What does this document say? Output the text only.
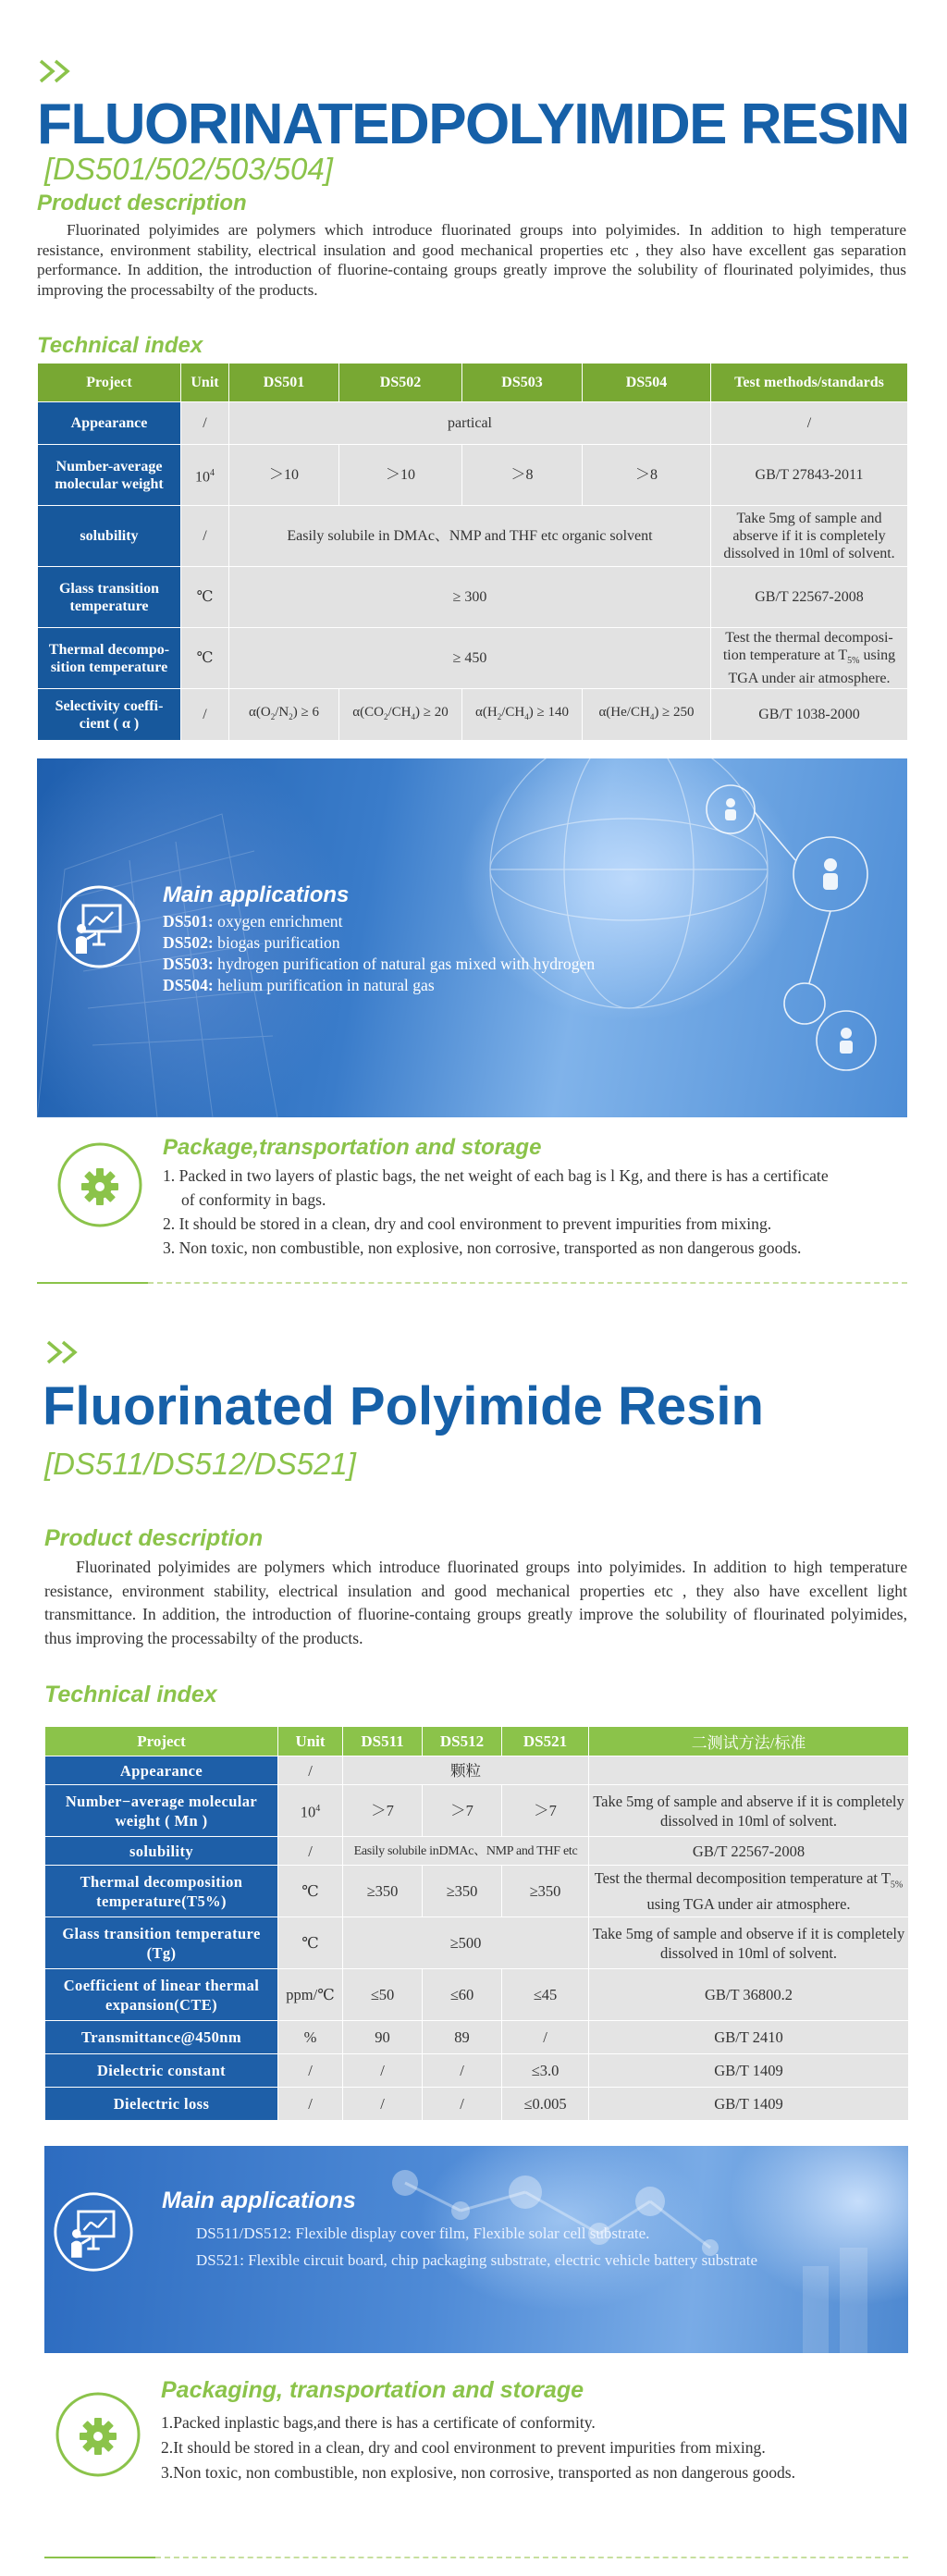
FLUORINATEDPOLYIMIDE RESIN
[DS501/502/503/504]
Product description
Fluorinated polyimides are polymers which introduce fluorinated groups into polyimides. In addition to high temperature resistance, environment stability, electrical insulation and good mechanical properties etc , they also have excellent gas separation performance. In addition, the introduction of fluorine-containg groups greatly improve the solubility of flourinated polyimides, thus improving the processabilty of the products.
Technical index
Project	Unit	DS501	DS502	DS503	DS504	Test methods/standards
Appearance	/	partical				/
Number-average molecular weight	$10^4$	＞10	＞10	＞8	＞8	GB/T 27843-2011
solubility	/	Easily solubile in DMAc、NMP and THF etc organic solvent				Take 5mg of sample and abserve if it is completely dissolved in 10ml of solvent.
Glass transition temperature	℃	≥ 300				GB/T 22567-2008
Thermal decompo-sition temperature	℃	≥ 450				Test the thermal decomposi-tion temperature at $T_{5\%}$ using TGA under air atmosphere.
Selectivity coeffi-cient ( α )	/	$\alpha(O_2/N_2) \ge 6$	$\alpha(CO_2/CH_4) \ge 20$	$\alpha(H_2/CH_4) \ge 140$	$\alpha(He/CH_4) \ge 250$	GB/T 1038-2000
Main applications
DS501: oxygen enrichment
DS502: biogas purification
DS503: hydrogen purification of natural gas mixed with hydrogen
DS504: helium purification in natural gas
Package,transportation and storage
1. Packed in two layers of plastic bags, the net weight of each bag is l Kg, and there is has a certificate
of conformity in bags.
2. It should be stored in a clean, dry and cool environment to prevent impurities from mixing.
3. Non toxic, non combustible, non explosive, non corrosive, transported as non dangerous goods.
Fluorinated Polyimide Resin
[DS511/DS512/DS521]
Product description
Fluorinated polyimides are polymers which introduce fluorinated groups into polyimides. In addition to high temperature resistance, environment stability, electrical insulation and good mechanical properties etc , they also have excellent light transmittance. In addition, the introduction of fluorine-containg groups greatly improve the solubility of flourinated polyimides, thus improving the processabilty of the products.
Technical index
Project	Unit	DS511	DS512	DS521	二测试方法/标准
Appearance	/	颗粒			
Number−average molecular weight ( Mn )	$10^4$	＞7	＞7	＞7	Take 5mg of sample and abserve if it is completely dissolved in 10ml of solvent.
solubility	/	Easily solubile inDMAc、NMP and THF etc			GB/T 22567-2008
Thermal decomposition temperature(T5%)	℃	≥350	≥350	≥350	Test the thermal decomposition temperature at $T_{5\%}$ using TGA under air atmosphere.
Glass transition temperature (Tg)	℃	≥500			Take 5mg of sample and observe if it is completely dissolved in 10ml of solvent.
Coefficient of linear thermal expansion(CTE)	ppm/℃	≤50	≤60	≤45	GB/T 36800.2
Transmittance@450nm	%	90	89	/	GB/T 2410
Dielectric constant	/	/	/	≤3.0	GB/T 1409
Dielectric loss	/	/	/	≤0.005	GB/T 1409
Main applications
DS511/DS512: Flexible display cover film, Flexible solar cell substrate.
DS521: Flexible circuit board, chip packaging substrate, electric vehicle battery substrate
Packaging, transportation and storage
1.Packed inplastic bags,and there is has a certificate of conformity.
2.It should be stored in a clean, dry and cool environment to prevent impurities from mixing.
3.Non toxic, non combustible, non explosive, non corrosive, transported as non dangerous goods.
